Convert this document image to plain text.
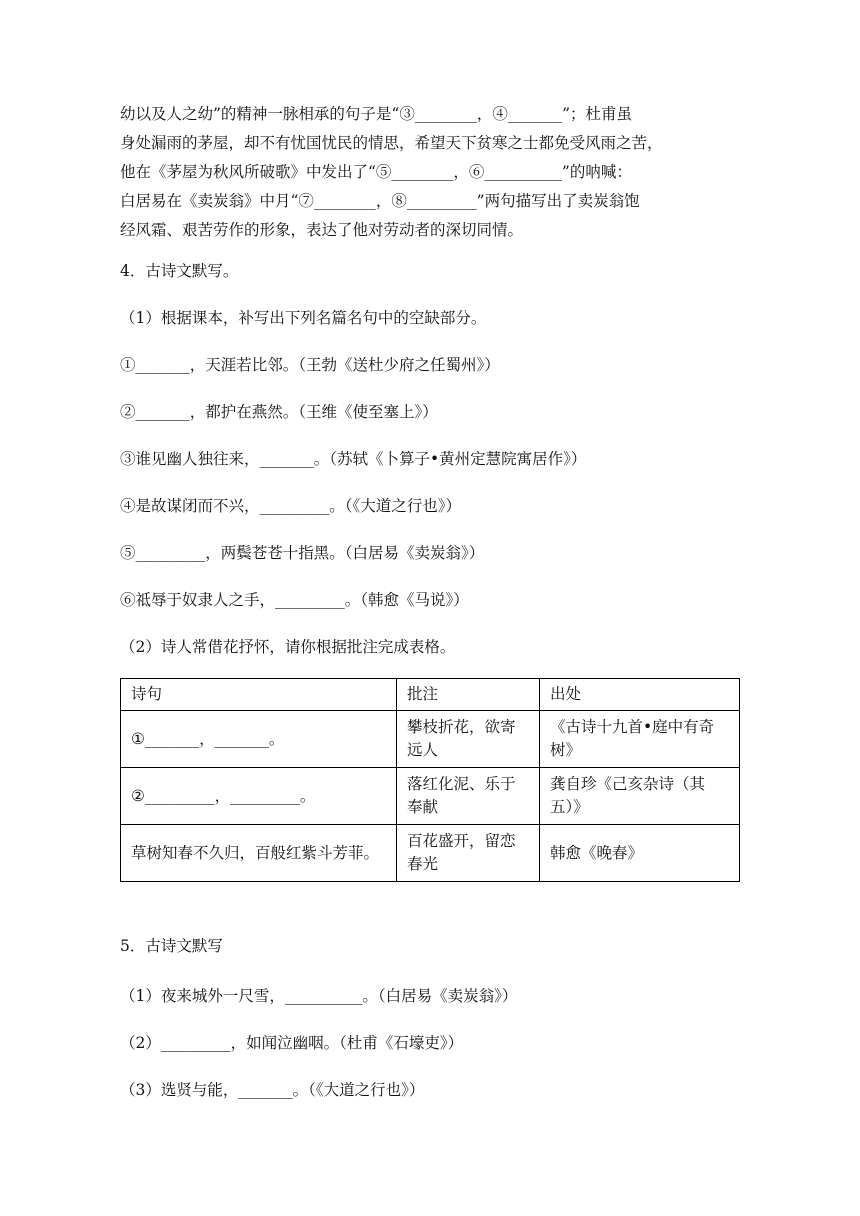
幼以及人之幼”的精神一脉相承的句子是“③________，④_______”；杜甫虽

身处漏雨的茅屋，却不有忧国忧民的情思，希望天下贫寒之士都免受风雨之苦，

他在《茅屋为秋风所破歌》中发出了“⑤________，⑥__________”的呐喊：

白居易在《卖炭翁》中月“⑦________，⑧_________”两句描写出了卖炭翁饱

经风霜、艰苦劳作的形象，表达了他对劳动者的深切同情。

4．古诗文默写。

（1）根据课本，补写出下列名篇名句中的空缺部分。

①_______，天涯若比邻。（王勃《送杜少府之任蜀州》）

②_______，都护在燕然。（王维《使至塞上》）

③谁见幽人独往来，_______。（苏轼《卜算子•黄州定慧院寓居作》）

④是故谋闭而不兴，_________。（《大道之行也》）

⑤_________，两鬓苍苍十指黑。（白居易《卖炭翁》）

⑥祗辱于奴隶人之手，_________。（韩愈《马说》）

（2）诗人常借花抒怀，请你根据批注完成表格。

诗句	批注	出处
①_______，_______。	攀枝折花，欲寄远人	《古诗十九首•庭中有奇树》
②_________，_________。	落红化泥、乐于奉献	龚自珍《己亥杂诗（其五）》
草树知春不久归，百般红紫斗芳菲。	百花盛开，留恋春光	韩愈《晚春》

5．古诗文默写

（1）夜来城外一尺雪，__________。（白居易《卖炭翁》）

（2）_________，如闻泣幽咽。（杜甫《石壕吏》）

（3）选贤与能，_______。（《大道之行也》）
